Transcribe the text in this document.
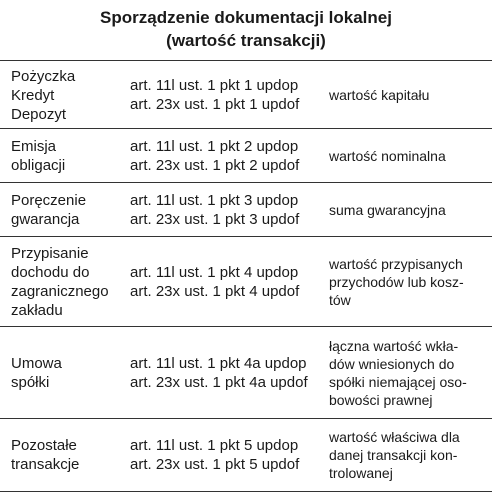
Sporządzenie dokumentacji lokalnej
(wartość transakcji)
Pożyczka
Kredyt
Depozyt
art. 11l ust. 1 pkt 1 updop
art. 23x ust. 1 pkt 1 updof
wartość kapitału
Emisja
obligacji
art. 11l ust. 1 pkt 2 updop
art. 23x ust. 1 pkt 2 updof
wartość nominalna
Poręczenie
gwarancja
art. 11l ust. 1 pkt 3 updop
art. 23x ust. 1 pkt 3 updof
suma gwarancyjna
Przypisanie
dochodu do
zagranicznego
zakładu
art. 11l ust. 1 pkt 4 updop
art. 23x ust. 1 pkt 4 updof
wartość przypisanych
przychodów lub kosz-
tów
Umowa
spółki
art. 11l ust. 1 pkt 4a updop
art. 23x ust. 1 pkt 4a updof
łączna wartość wkła-
dów wniesionych do
spółki niemającej oso-
bowości prawnej
Pozostałe
transakcje
art. 11l ust. 1 pkt 5 updop
art. 23x ust. 1 pkt 5 updof
wartość właściwa dla
danej transakcji kon-
trolowanej
